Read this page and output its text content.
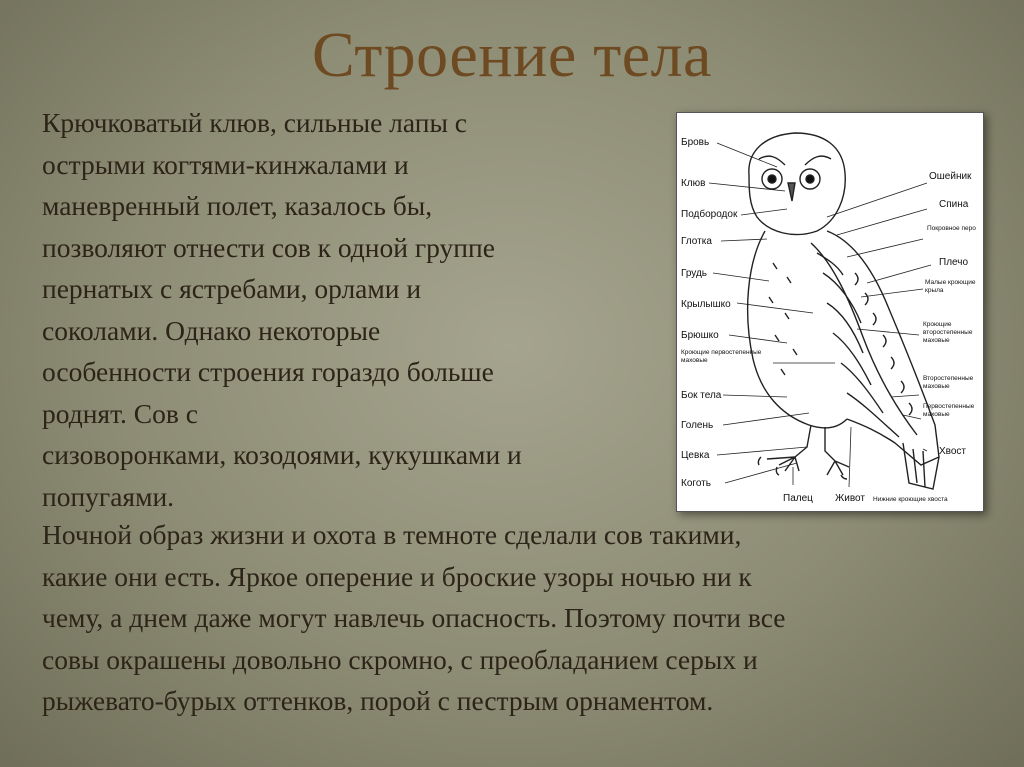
Строение тела
Крючковатый клюв, сильные лапы с
острыми когтями-кинжалами и
маневренный полет, казалось бы,
позволяют отнести сов к одной группе
пернатых с ястребами, орлами и
соколами. Однако некоторые
особенности строения гораздо больше
роднят. Сов с
сизоворонками, козодоями, кукушками и
попугаями.
Бровь
Клюв
Подбородок
Глотка
Грудь
Крылышко
Брюшко
Кроющие первостепенные маховые
Бок тела
Голень
Цевка
Коготь
Ошейник
Спина
Плечо
Хвост
Покровное перо
Малые кроющие крыла
Кроющие второстепенные маховые
Второстепенные маховые
Первостепенные маховые
Палец Живот Нижние кроющие хвоста
Ночной образ жизни и охота в темноте сделали сов такими,
какие они есть. Яркое оперение и броские узоры ночью ни к
чему, а днем даже могут навлечь опасность. Поэтому почти все
совы окрашены довольно скромно, с преобладанием серых и
рыжевато-бурых оттенков, порой с пестрым орнаментом.
